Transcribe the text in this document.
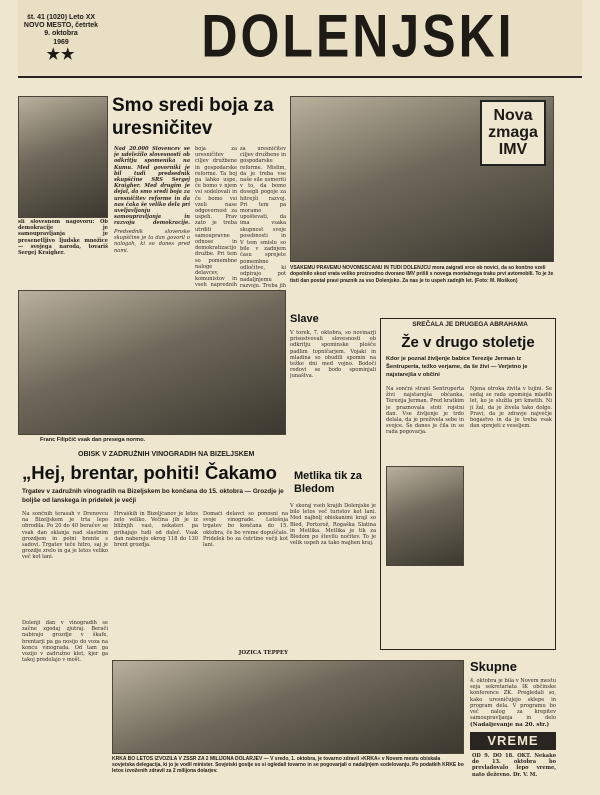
št. 41 (1020) Leto XX
NOVO MESTO, četrtek
9. oktobra
1969
★★	DOLENJSKI
sli slovesnom nagovoru: Ob demokracije je samoupravljanja je presenetljivo ljudske množice — svojega naroda, tovariš Sergej Kraigher.
Smo sredi boja za
uresničitev
Nad 20.000 Slovencev se je udeležilo slovesnosti ob odkritju spomenika na Kumu. Med govorniki je bil tudi predsednik skupščine SRS Sergej Kraigher. Med drugim je dejal, da smo sredi boja za uresničitev reforme in da nas čaka še veliko dela pri uveljavljanju samoupravljanja in razvoju demokracije.
Predsednik slovenske skupščine je ta dan govoril o nalogah, ki so danes pred nami.
boja za uresničitev ciljev družbene in gospodarske reforme. Ta boj pa lahko uspe, če bomo v njem vsi sodelovali in če bomo vsi vzeli nase odgovornost za uspeh. Prav zato je treba utrditi samoupravne odnose in demokratizacijo družbe. Pri tem so pomembne naloge delavcev, komunistov in vseh naprednih
za uresničitev ciljev družbene in gospodarske reforme. Mislim, da je treba vse naše sile usmeriti v to, da bomo dosegli pogoje za hitrejši razvoj. Pri tem pa moramo upoštevati, da ima vsaka skupnost svoje posebnosti in
V tem smislu so bile v zadnjem času sprejete pomembne odločitve, ki odpirajo pot nadaljnjemu razvoju. Treba jih
Nova
zmaga
IMV
VSAKEMU PRAVEMU NOVOMEŠČANU IN TUDI DOLENJCU mora zaigrati srce ob novici, da so končno vzeli dopolnilo skozi vrata veliko proizvodno dvorano IMV prišli s novega montažnega traku prvi avtomobili. To je že tisti dan postal pravi praznik za vso Dolenjsko. Za nas je to uspeh zadnjih let. (Foto: M. Moškon)
Franc Filipčič vsak dan presega normo.
OBISK V ZADRUŽNIH VINOGRADIH NA BIZELJSKEM
„Hej, brentar, pohiti! Čakamo
Trgatev v zadružnih vinogradih na Bizeljskem bo končana do 15. oktobra — Grozdje je boljše od lanskega in pridelek je večji
Na sončnih terasah v Drenovcu na Bizeljskem je trta lepo obrodila. Po 20 do 40 beračev se vsak dan sklanja nad slastnim grozdjem in polni brente s sadovi. Trgatev teče hitro, saj je grozdje zrelo in ga je letos veliko več kot lani.
Hrvaških in Bizeljčanov je letos zelo veliko. Večina jih je iz bližnjih vasi, nekateri pa prihajajo tudi od daleč. Vsak dan naberejo okrog 118 do 130 brent grozdja.
Domači delavci so ponosni na svoje vinograde. Letošnja trgatev bo končana do 15. oktobra, če bo vreme dopuščalo. Pridelek bo za četrtino večji kot lani.
JOŽICA TEPPEY
Dolenji dan v vinogradih se začne zgodaj zjutraj. Berači nabirajo grozdje v škafe, brentarji pa ga nosijo do voza na koncu vinograda. Od tam ga vozijo v zadružno klet, kjer ga takoj predelajo v mošt.
Slave
V torek, 7. oktobra, so novinarji prisostvovali slovesnosti ob odkritju spominske plošče padlim topničarjem. Vojaki in mladina so obudili spomin na težke dni med vojno. Bodoči rodovi se bodo spominjali junaštva.
Metlika tik za Bledom
V skoraj vseh krajih Dolenjske je bilo letos več turistov kot lani. Med najbolj obiskanimi kraji so Bled, Portorož, Rogaška Slatina in Metlika. Metlika je tik za Bledom po številu nočitev. To je velik uspeh za tako majhen kraj.
SREČALA JE DRUGEGA ABRAHAMA
Že v drugo stoletje
Kdor je poznal življenje babice Terezije Jerman iz Šentruperta, težko verjame, da še živi — Verjetno je najstarejša v občini
Na sončni strani Šentruperta živi najstarejša občanka, Terezija Jerman. Pred kratkim je praznovala stoti rojstni dan. Vse življenje je trdo delala, da je preživela sebe in svojce. Še danes je čila in se rada pogovarja.
Njena otroka živita v tujini. Še sedaj se rada spominja mladih let, ko je služila pri kmetih. Ni ji žal, da je živela tako dolgo. Pravi, da je zdravje največje bogastvo in da je treba vsak dan sprejeti z veseljem.
KRKA BO LETOS IZVOZILA V ZSSR ZA 2 MILIJONA DOLARJEV — V sredo, 1. oktobra, je tovarno zdravil »KRKA« v Novem mestu obiskala sovjetska delegacija, ki jo je vodil minister. Sovjetski gostje so si ogledali tovarno in se pogovarjali o nadaljnjem sodelovanju. Po podatkih KRKE bo letos izvoženih zdravil za 2 milijona dolarjev.
Skupne
4. oktobra je bila v Novem mestu seja sekretariata IK občinske konference ZK. Pregledali so, kako uresničujejo sklepe in program dela. V programu bo več nalog za krepitev samoupravljanja in delo
(Nadaljevanje na 20. str.)
VREME
OD 9. DO 18. OKT. Nekako do 13. oktobra bo prevladovalo lepo vreme, nato deževno. Dr. V. M.
